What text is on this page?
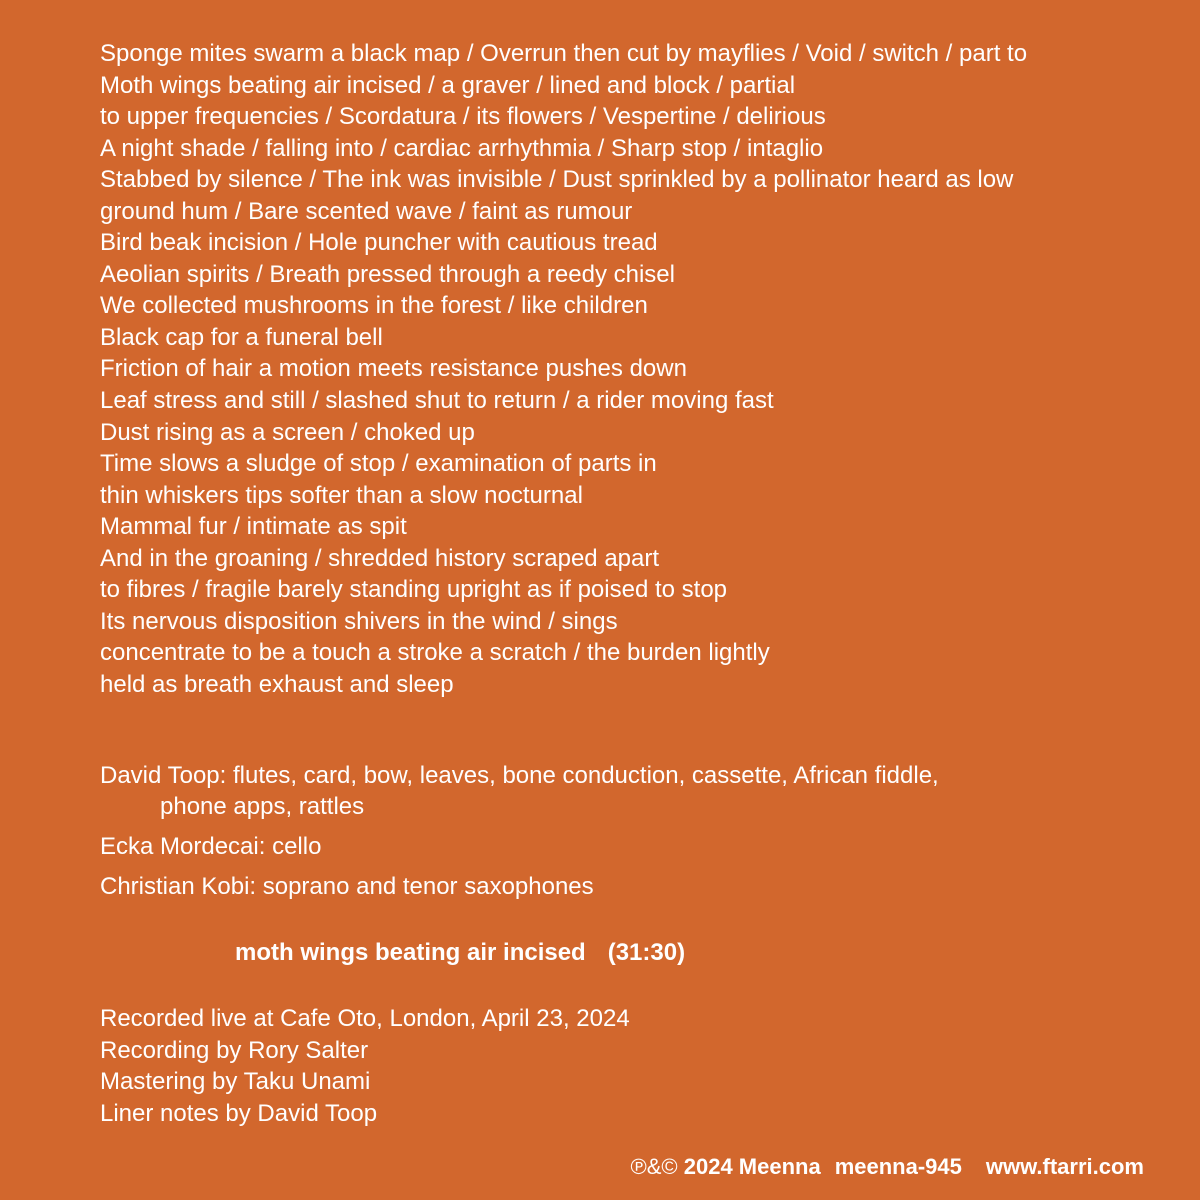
Sponge mites swarm a black map / Overrun then cut by mayflies / Void / switch / part to
Moth wings beating air incised / a graver / lined and block / partial
to upper frequencies / Scordatura / its flowers / Vespertine / delirious
A night shade / falling into / cardiac arrhythmia / Sharp stop / intaglio
Stabbed by silence / The ink was invisible / Dust sprinkled by a pollinator heard as low
ground hum / Bare scented wave / faint as rumour
Bird beak incision / Hole puncher with cautious tread
Aeolian spirits / Breath pressed through a reedy chisel
We collected mushrooms in the forest / like children
Black cap for a funeral bell
Friction of hair a motion meets resistance pushes down
Leaf stress and still / slashed shut to return / a rider moving fast
Dust rising as a screen / choked up
Time slows a sludge of stop / examination of parts in
thin whiskers tips softer than a slow nocturnal
Mammal fur / intimate as spit
And in the groaning / shredded history scraped apart
to fibres / fragile barely standing upright as if poised to stop
Its nervous disposition shivers in the wind / sings
concentrate to be a touch a stroke a scratch / the burden lightly
held as breath exhaust and sleep
David Toop: flutes, card, bow, leaves, bone conduction, cassette, African fiddle,
phone apps, rattles
Ecka Mordecai: cello
Christian Kobi: soprano and tenor saxophones
moth wings beating air incised (31:30)
Recorded live at Cafe Oto, London, April 23, 2024
Recording by Rory Salter
Mastering by Taku Unami
Liner notes by David Toop
℗&© 2024 Meenna meenna-945 www.ftarri.com
